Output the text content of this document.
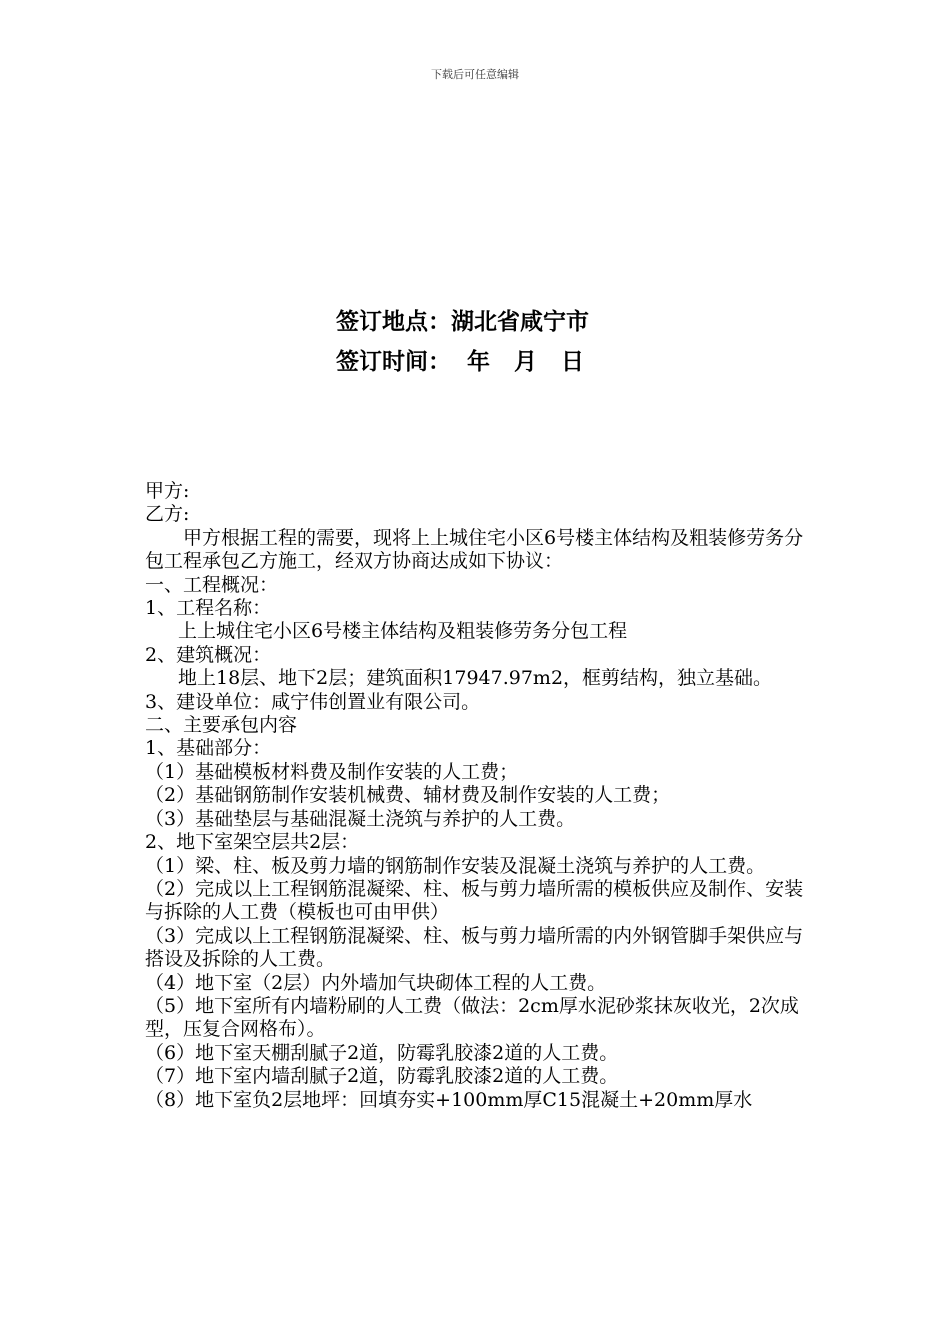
下载后可任意编辑
签订地点：湖北省咸宁市
签订时间：  年   月   日

甲方:

乙方:

甲方根据工程的需要，现将上上城住宅小区6号楼主体结构及粗装修劳务分包工程承包乙方施工，经双方协商达成如下协议：

一、工程概况：

1、工程名称：

上上城住宅小区6号楼主体结构及粗装修劳务分包工程

2、建筑概况：

地上18层、地下2层；建筑面积17947.97m2，框剪结构，独立基础。

3、建设单位：咸宁伟创置业有限公司。

二、主要承包内容

1、基础部分：

（1）基础模板材料费及制作安装的人工费；

（2）基础钢筋制作安装机械费、辅材费及制作安装的人工费；

（3）基础垫层与基础混凝土浇筑与养护的人工费。

2、地下室架空层共2层：

（1）梁、柱、板及剪力墙的钢筋制作安装及混凝土浇筑与养护的人工费。

（2）完成以上工程钢筋混凝梁、柱、板与剪力墙所需的模板供应及制作、安装与拆除的人工费（模板也可由甲供）

（3）完成以上工程钢筋混凝梁、柱、板与剪力墙所需的内外钢管脚手架供应与搭设及拆除的人工费。

（4）地下室（2层）内外墙加气块砌体工程的人工费。

（5）地下室所有内墙粉刷的人工费（做法：2cm厚水泥砂浆抹灰收光，2次成型，压复合网格布）。

（6）地下室天棚刮腻子2道，防霉乳胶漆2道的人工费。

（7）地下室内墙刮腻子2道，防霉乳胶漆2道的人工费。

（8）地下室负2层地坪：回填夯实+100mm厚C15混凝土+20mm厚水
